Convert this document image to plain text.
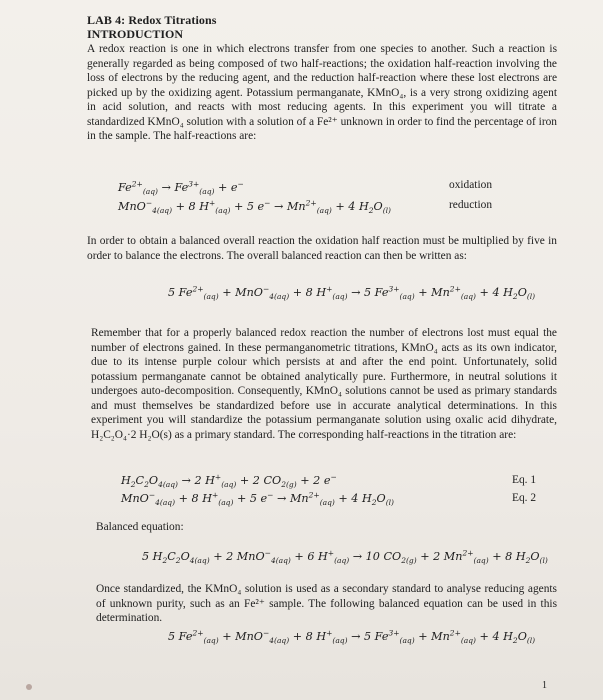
LAB 4: Redox Titrations
INTRODUCTION
A redox reaction is one in which electrons transfer from one species to another. Such a reaction is generally regarded as being composed of two half-reactions; the oxidation half-reaction involving the loss of electrons by the reducing agent, and the reduction half-reaction where these lost electrons are picked up by the oxidizing agent. Potassium permanganate, KMnO₄, is a very strong oxidizing agent in acid solution, and reacts with most reducing agents. In this experiment you will titrate a standardized KMnO₄ solution with a solution of a Fe²⁺ unknown in order to find the percentage of iron in the sample. The half-reactions are:
$Fe^{2+}_{(aq)} \to Fe^{3+}_{(aq)} + e^-$
MnO−$_{4(aq)}$ + 8 $H^+_{(aq)} + 5$ $e^- \to Mn^{2+}_{(aq)} + 4$ $H_2O_{(l)}$
oxidation
reduction
In order to obtain a balanced overall reaction the oxidation half reaction must be multiplied by five in order to balance the electrons. The overall balanced reaction can then be written as:
5 $Fe^{2+}_{(aq)} + MnO^-_{4(aq)} + 8$ $H^+_{(aq)} \to 5$ $Fe^{3+}_{(aq)} + Mn^{2+}_{(aq)} + 4$ $H_2O_{(l)}$
Remember that for a properly balanced redox reaction the number of electrons lost must equal the number of electrons gained. In these permanganometric titrations, KMnO₄ acts as its own indicator, due to its intense purple colour which persists at and after the end point. Unfortunately, solid potassium permanganate cannot be obtained analytically pure. Furthermore, in neutral solutions it undergoes auto-decomposition. Consequently, KMnO₄ solutions cannot be used as primary standards and must themselves be standardized before use in accurate analytical determinations. In this experiment you will standardize the potassium permanganate solution using oxalic acid dihydrate, H₂C₂O₄·2 H₂O(s) as a primary standard. The corresponding half-reactions in the titration are:
$H_2C_2O_{4(aq)} \to 2$ $H^+_{(aq)} + 2$ $CO_{2(g)} + 2$ e−
MnO−$_{4(aq)}$ + 8 $H^+_{(aq)} + 5$ $e^- \to Mn^{2+}_{(aq)} + 4$ $H_2O_{(l)}$
Eq. 1
Eq. 2
Balanced equation:
5 $H_2C_2O_{4(aq)} + 2$ MnO−$_{4(aq)}$ + 6 $H^+_{(aq)} \to 10$ $CO_{2(g)} + 2$ $Mn^{2+}_{(aq)} + 8$ $H_2O_{(l)}$
Once standardized, the KMnO₄ solution is used as a secondary standard to analyse reducing agents of unknown purity, such as an Fe²⁺ sample. The following balanced equation can be used in this determination.
5 $Fe^{2+}_{(aq)} + MnO^-_{4(aq)} + 8$ $H^+_{(aq)} \to 5$ $Fe^{3+}_{(aq)} + Mn^{2+}_{(aq)} + 4$ $H_2O_{(l)}$
1
